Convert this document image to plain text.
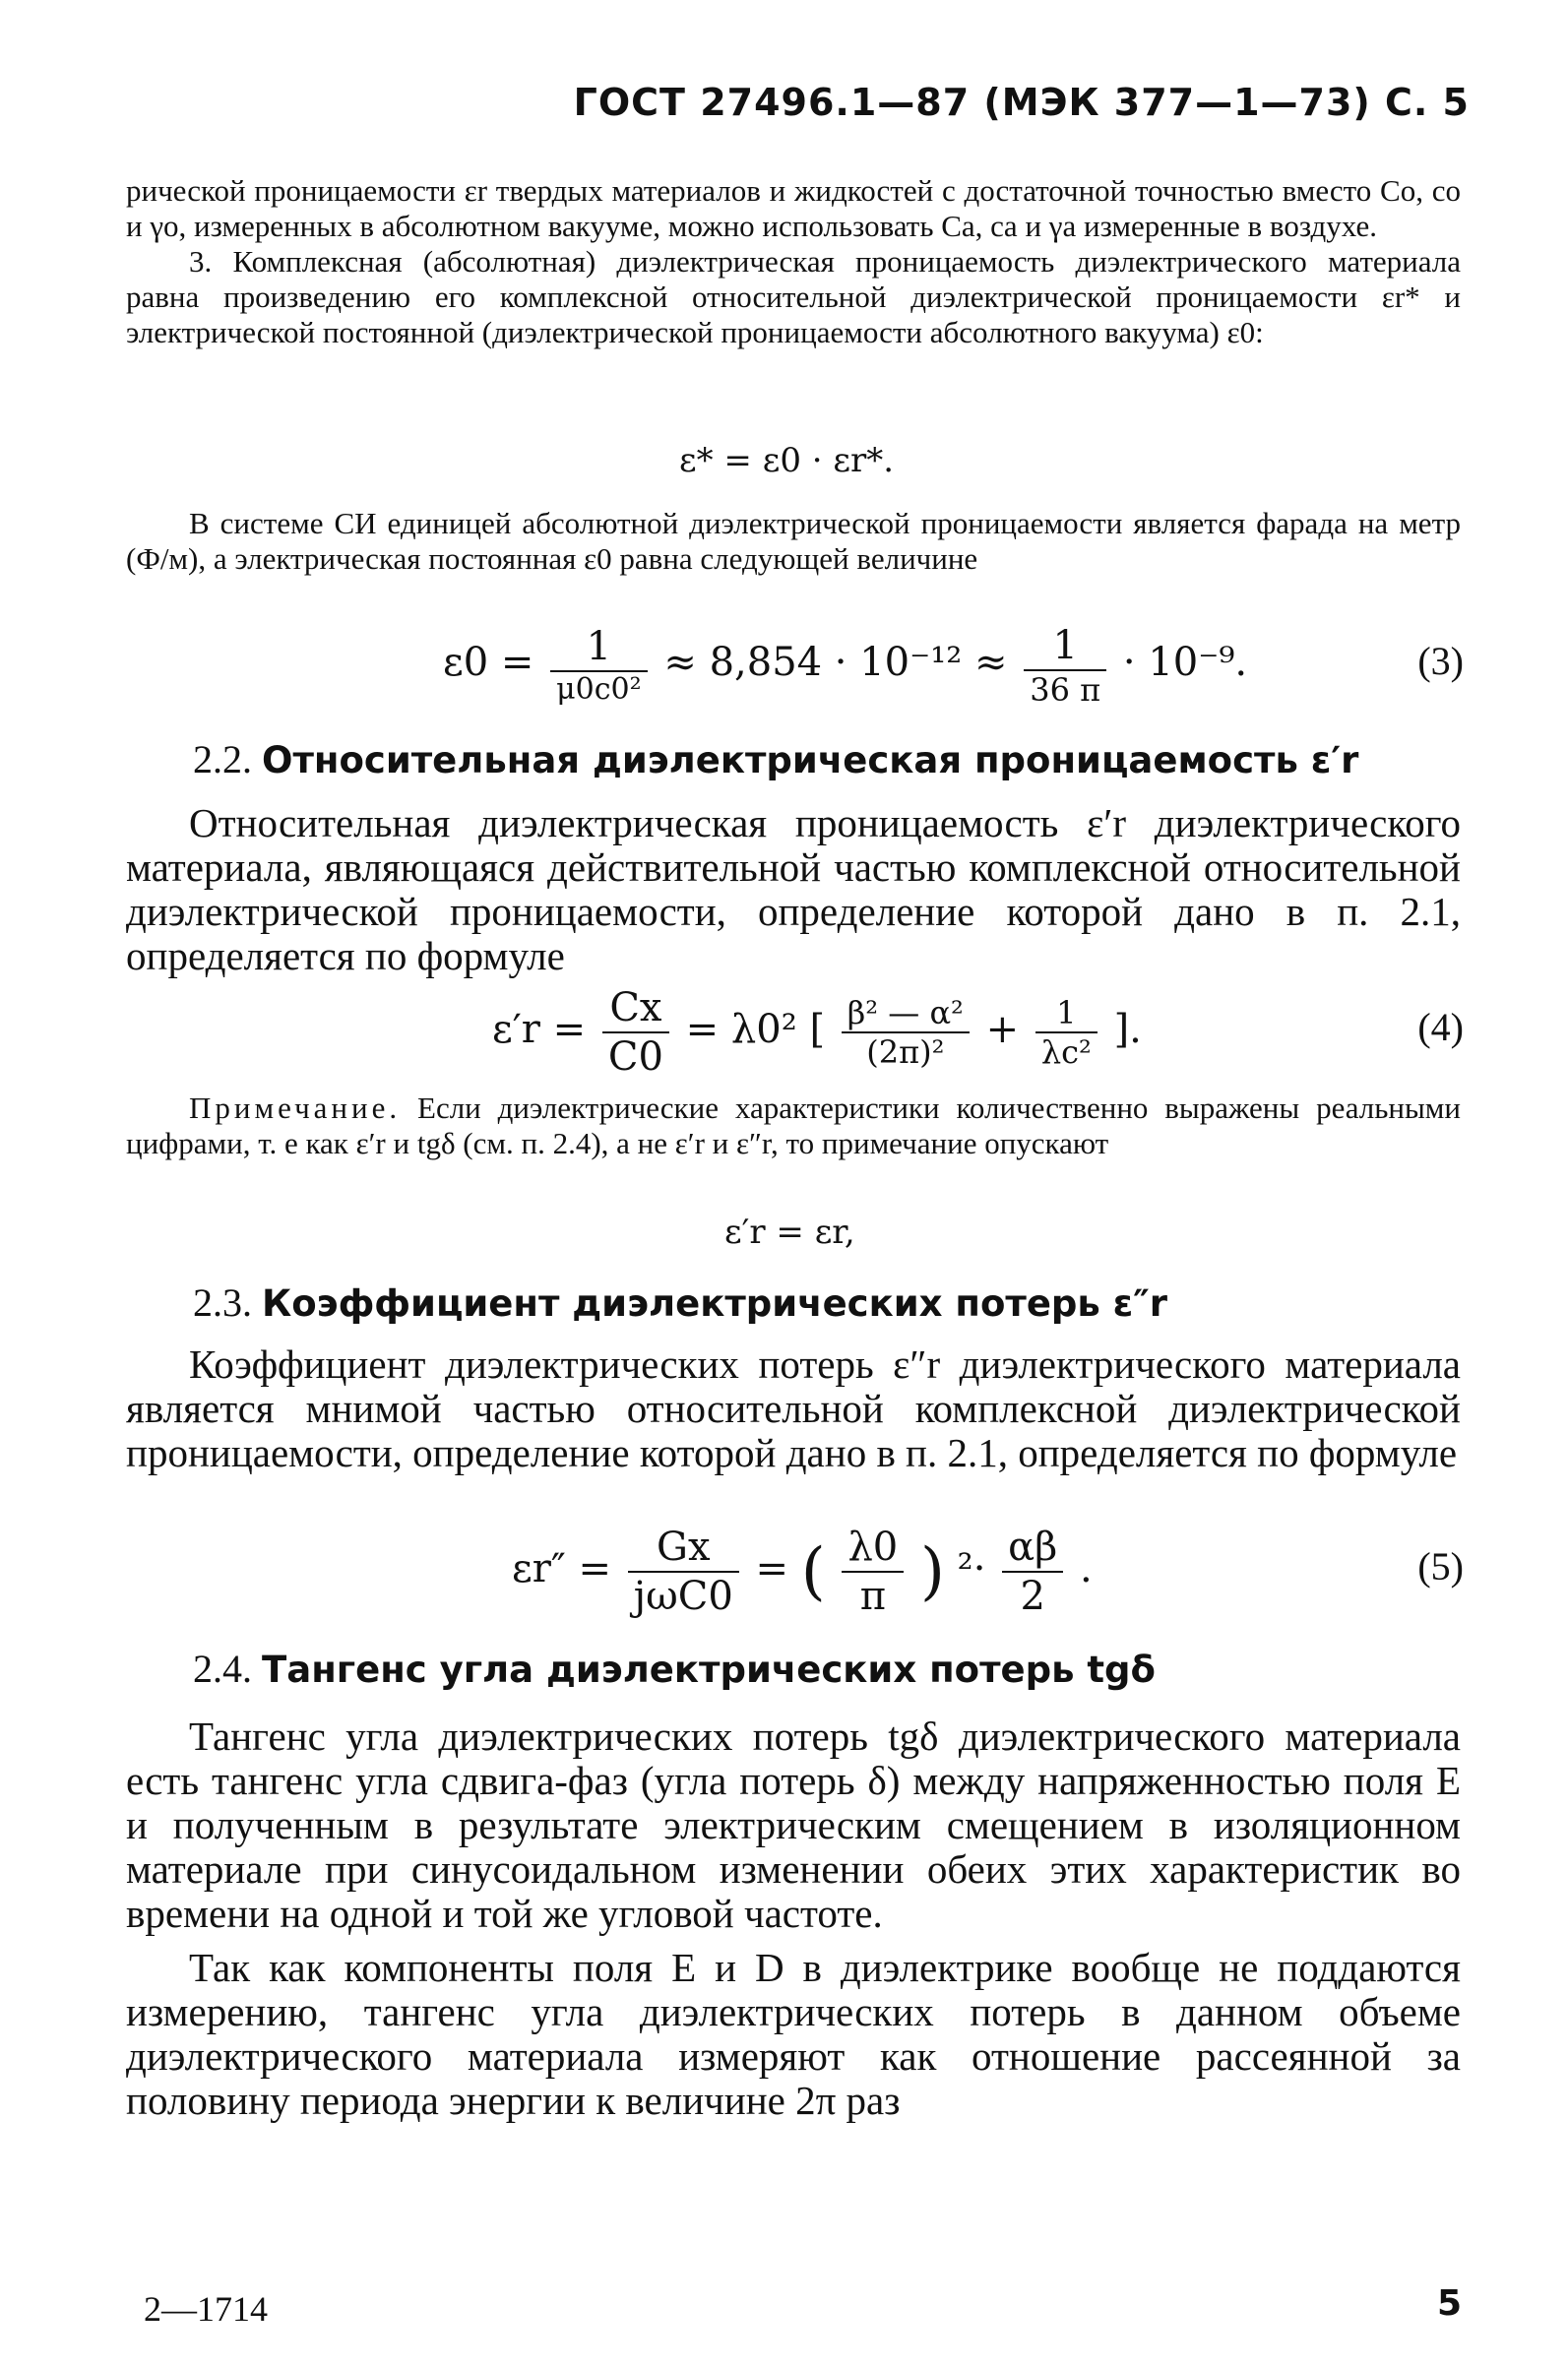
ГОСТ 27496.1—87 (МЭК 377—1—73) С. 5

рической проницаемости εr твердых материалов и жидкостей с достаточной точностью вместо Co, co и γo, измеренных в абсолютном вакууме, можно использовать Ca, ca и γa измеренные в воздухе.

3. Комплексная (абсолютная) диэлектрическая проницаемость диэлектрического материала равна произведению его комплексной относительной диэлектрической проницаемости εr* и электрической постоянной (диэлектрической проницаемости абсолютного вакуума) ε0:

ε* = ε0 · εr*.

В системе СИ единицей абсолютной диэлектрической проницаемости является фарада на метр (Ф/м), а электрическая постоянная ε0 равна следующей величине

$\varepsilon 0 = \frac{1}{\text{μ0c0²}} \approx 8,854 \cdot 10^{-12} \approx \frac{1}{36 \pi} \cdot 10^{-9}$.	(3)
2.2. Относительная диэлектрическая проницаемость ε′r

Относительная диэлектрическая проницаемость ε′r диэлектрического материала, являющаяся действительной частью комплексной относительной диэлектрической проницаемости, определение которой дано в п. 2.1, определяется по формуле

$\varepsilon'r = \frac{Cx}{C0} = \lambda 0^2$ [ $\frac{\text{β² — α²}}{\text{(2π)²}} + \frac{1}{\text{λc²}}$ ].	(4)

Примечание. Если диэлектрические характеристики количественно выражены реальными цифрами, т. е как ε′r и tgδ (см. п. 2.4), а не ε′r и ε″r, то примечание опускают

ε′r = εr,
2.3. Коэффициент диэлектрических потерь ε″r

Коэффициент диэлектрических потерь ε″r диэлектрического материала является мнимой частью относительной комплексной диэлектрической проницаемости, определение которой дано в п. 2.1, определяется по формуле

$\varepsilon r'' = \frac{Gx}{\text{jωC0}}$ = ( $\frac{\lambda 0}{\pi}$ ) $^2\cdot \frac{\alpha\beta}{2}$ .	(5)
2.4. Тангенс угла диэлектрических потерь tgδ

Тангенс угла диэлектрических потерь tgδ диэлектрического материала есть тангенс угла сдвига-фаз (угла потерь δ) между напряженностью поля E и полученным в результате электрическим смещением в изоляционном материале при синусоидальном изменении обеих этих характеристик во времени на одной и той же угловой частоте.

Так как компоненты поля E и D в диэлектрике вообще не поддаются измерению, тангенс угла диэлектрических потерь в данном объеме диэлектрического материала измеряют как отношение рассеянной за половину периода энергии к величине 2π раз

2—1714	5
